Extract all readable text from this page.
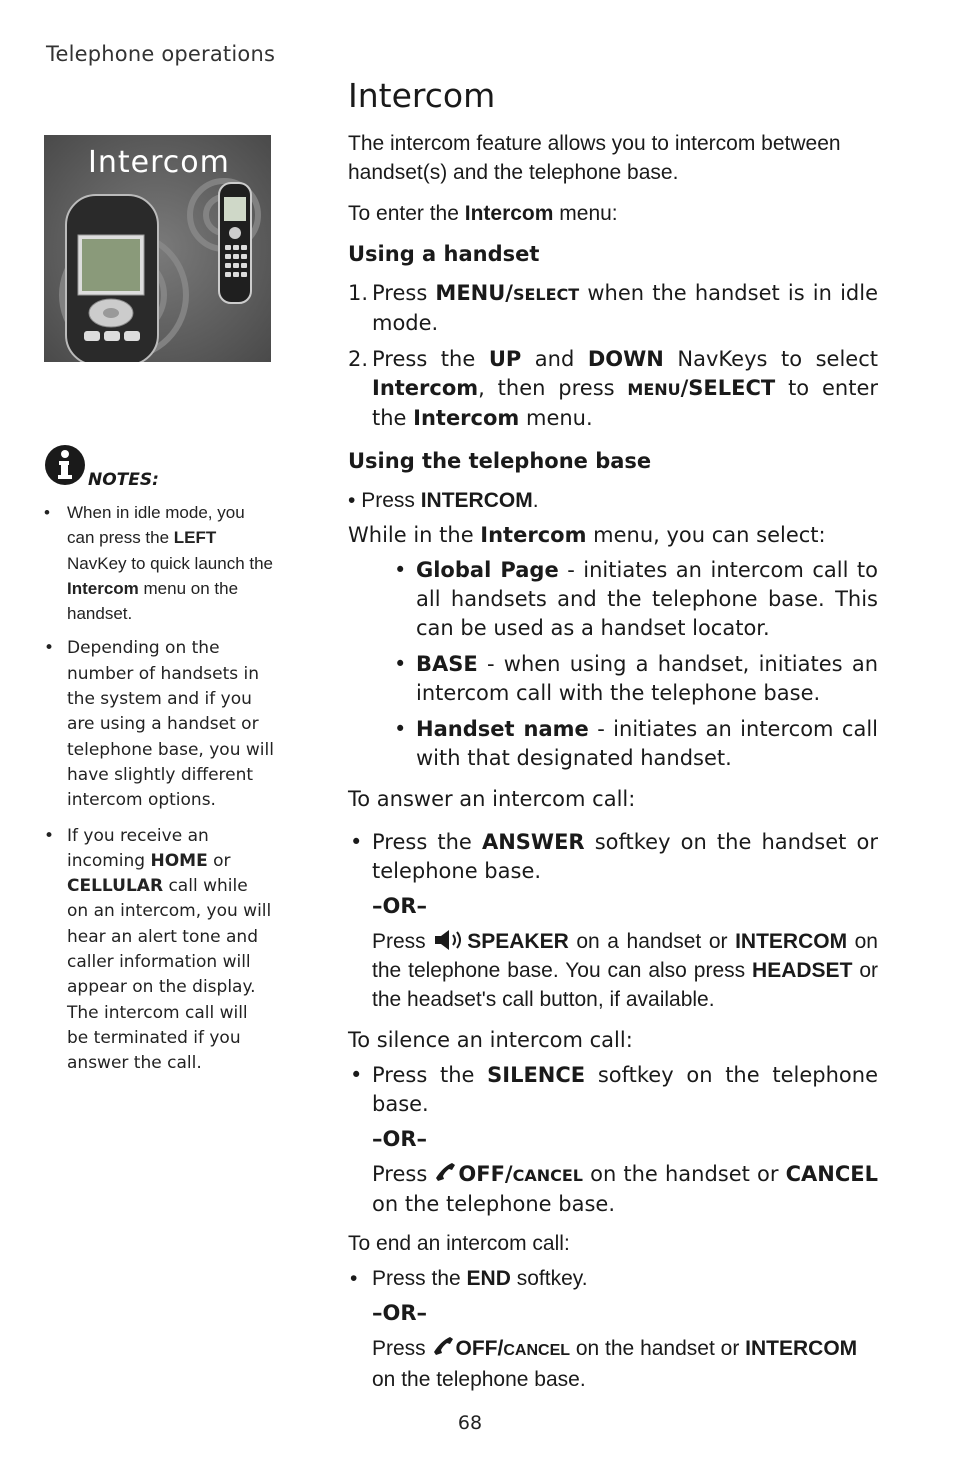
Telephone operations
Intercom
NOTES:
• When in idle mode, you can press the LEFT NavKey to quick launch the Intercom menu on the handset.
• Depending on the number of handsets in the system and if you are using a handset or telephone base, you will have slightly different intercom options.
• If you receive an incoming HOME or CELLULAR call while on an intercom, you will hear an alert tone and caller information will appear on the display. The intercom call will be terminated if you answer the call.
Intercom

The intercom feature allows you to intercom between handset(s) and the telephone base.

To enter the Intercom menu:

Using a handset

1. Press MENU/SELECT when the handset is in idle mode.
2. Press the UP and DOWN NavKeys to select Intercom, then press MENU/SELECT to enter the Intercom menu.

Using the telephone base

• Press INTERCOM.

While in the Intercom menu, you can select:

• Global Page - initiates an intercom call to all handsets and the telephone base. This can be used as a handset locator.
• BASE - when using a handset, initiates an intercom call with the telephone base.
• Handset name - initiates an intercom call with that designated handset.

To answer an intercom call:

• Press the ANSWER softkey on the handset or telephone base.

–OR–

Press SPEAKER on a handset or INTERCOM on the telephone base. You can also press HEADSET or the headset's call button, if available.

To silence an intercom call:

• Press the SILENCE softkey on the telephone base.

–OR–

Press OFF/CANCEL on the handset or CANCEL on the telephone base.

To end an intercom call:

• Press the END softkey.

–OR–

Press OFF/CANCEL on the handset or INTERCOM on the telephone base.

68
